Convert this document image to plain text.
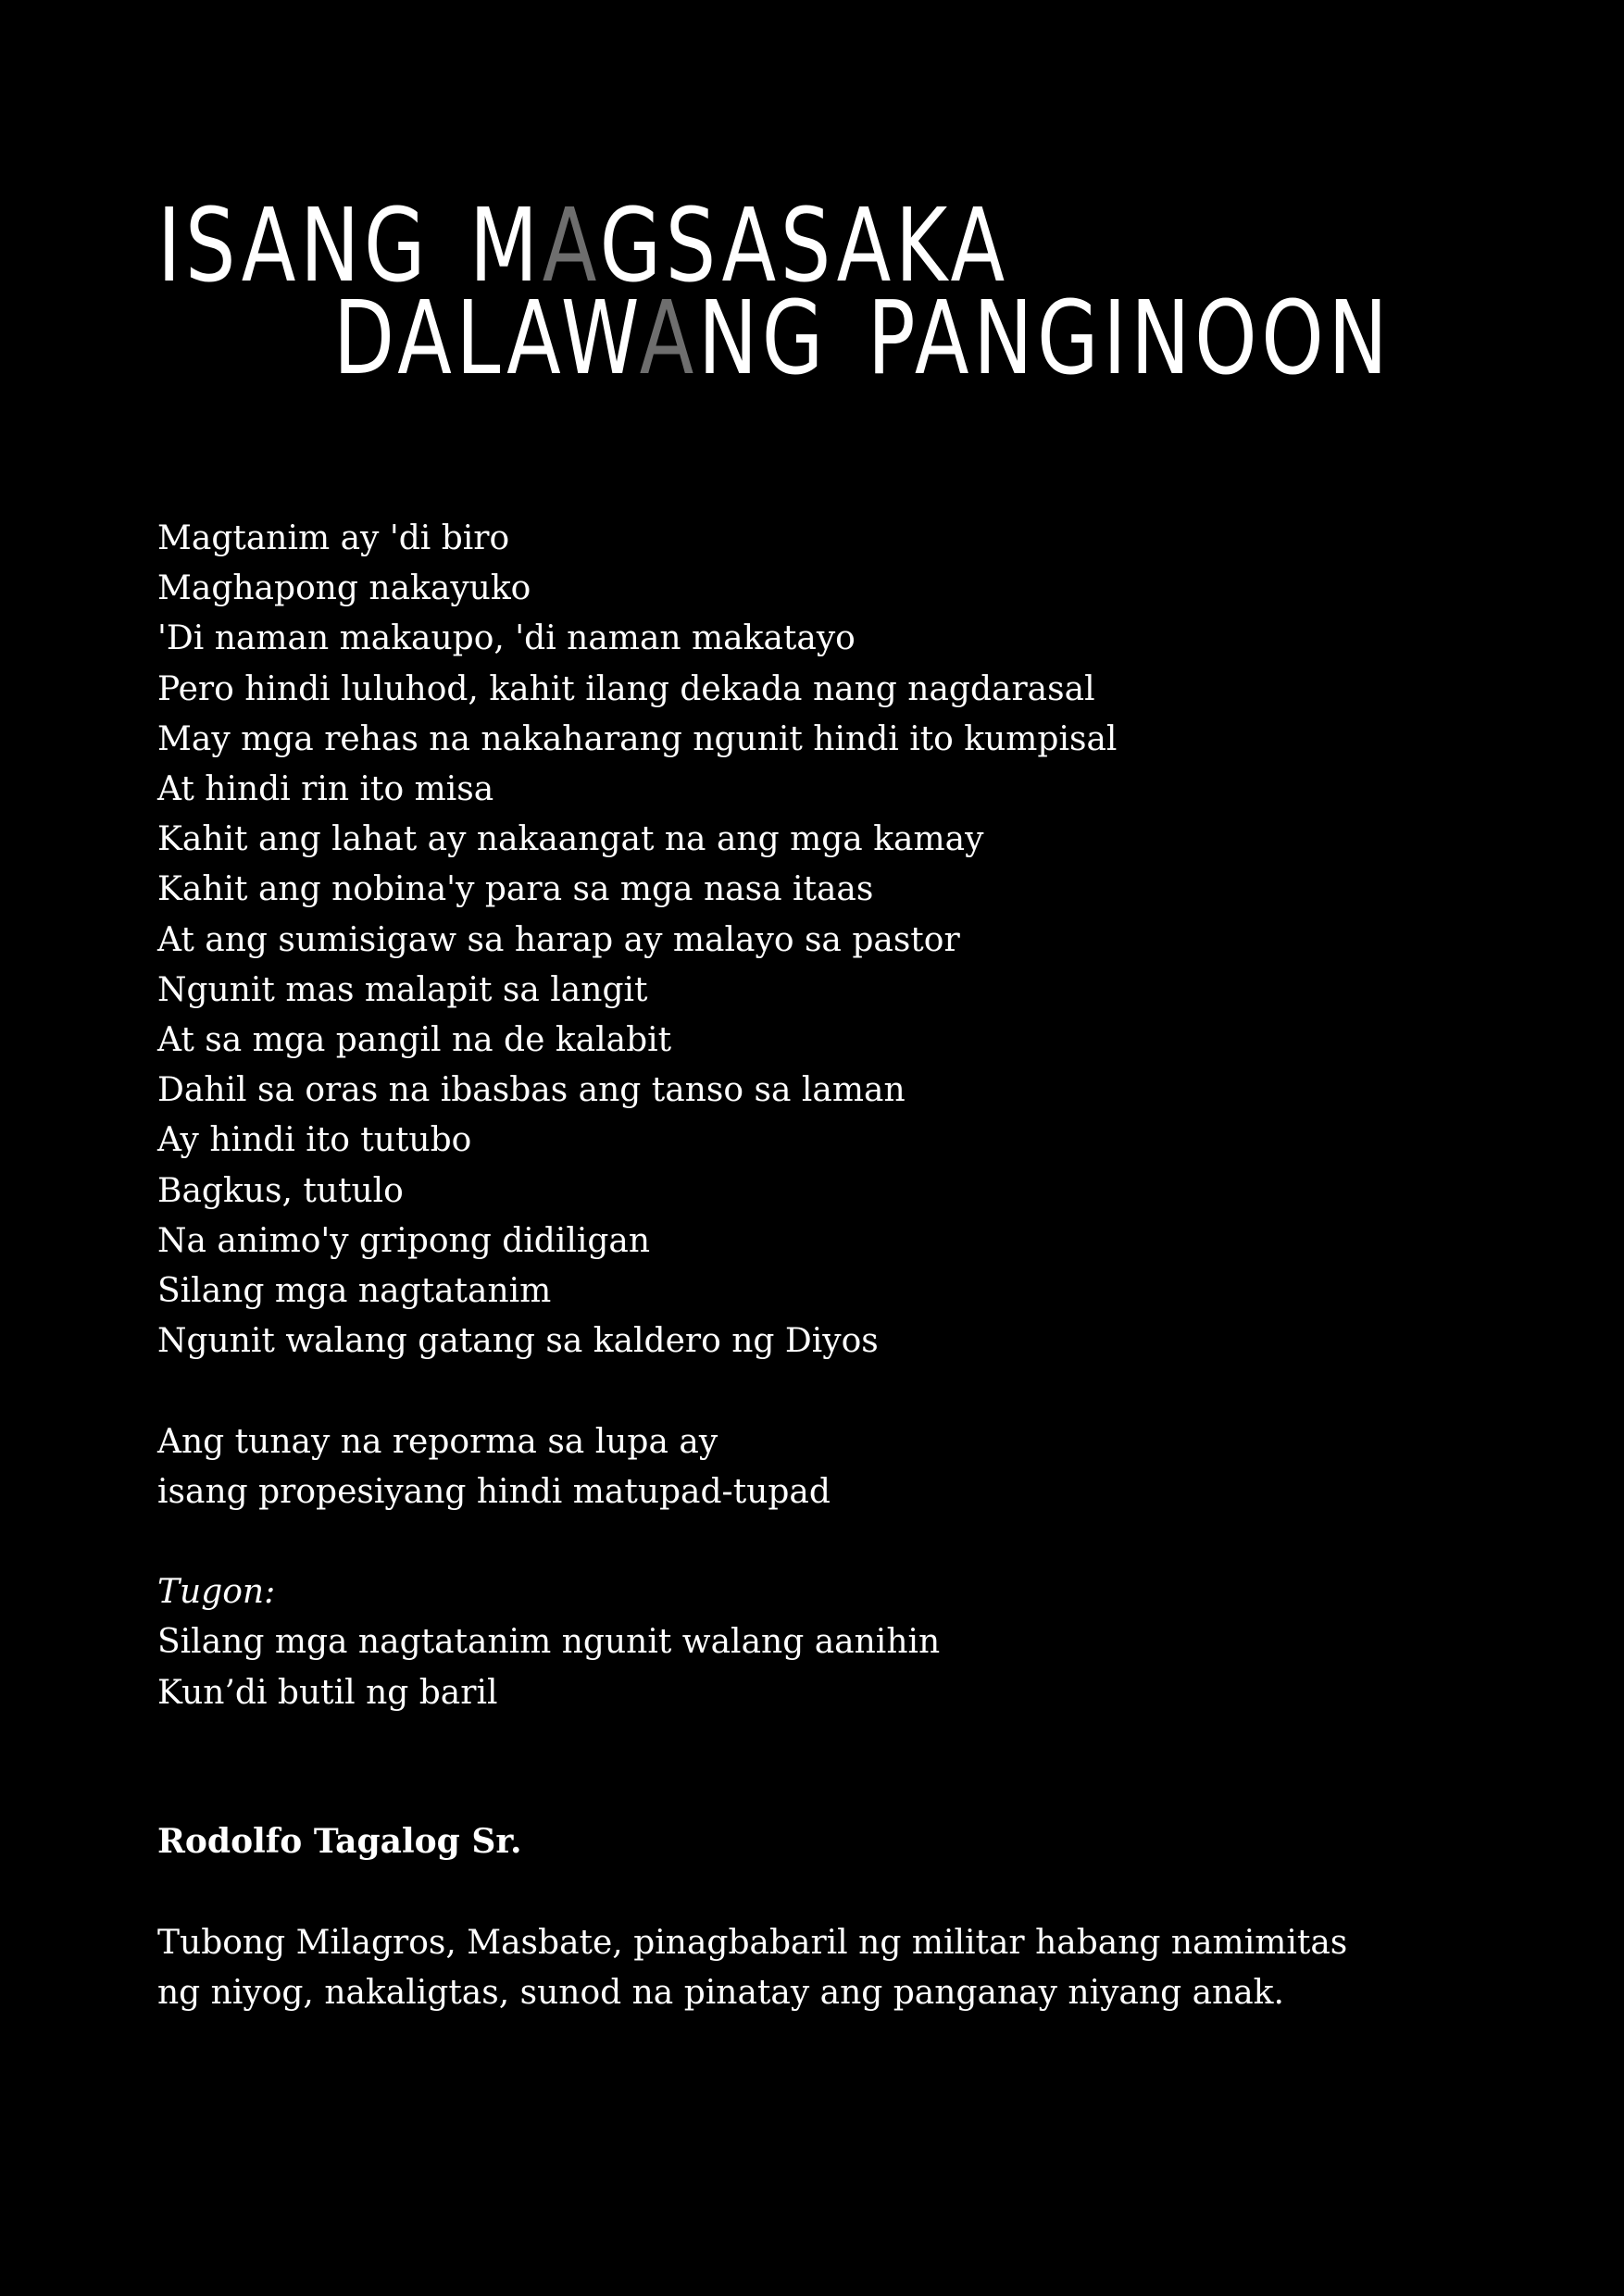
ISANG MAGSASAKA
DALAWANG PANGINOON
Magtanim ay 'di biro
Maghapong nakayuko
'Di naman makaupo, 'di naman makatayo
Pero hindi luluhod, kahit ilang dekada nang nagdarasal
May mga rehas na nakaharang ngunit hindi ito kumpisal
At hindi rin ito misa
Kahit ang lahat ay nakaangat na ang mga kamay
Kahit ang nobina'y para sa mga nasa itaas
At ang sumisigaw sa harap ay malayo sa pastor
Ngunit mas malapit sa langit
At sa mga pangil na de kalabit
Dahil sa oras na ibasbas ang tanso sa laman
Ay hindi ito tutubo
Bagkus, tutulo
Na animo'y gripong didiligan
Silang mga nagtatanim
Ngunit walang gatang sa kaldero ng Diyos
Ang tunay na reporma sa lupa ay
isang propesiyang hindi matupad-tupad
Tugon:
Silang mga nagtatanim ngunit walang aanihin
Kun’di butil ng baril
Rodolfo Tagalog Sr.
Tubong Milagros, Masbate, pinagbabaril ng militar habang namimitas
ng niyog, nakaligtas, sunod na pinatay ang panganay niyang anak.
